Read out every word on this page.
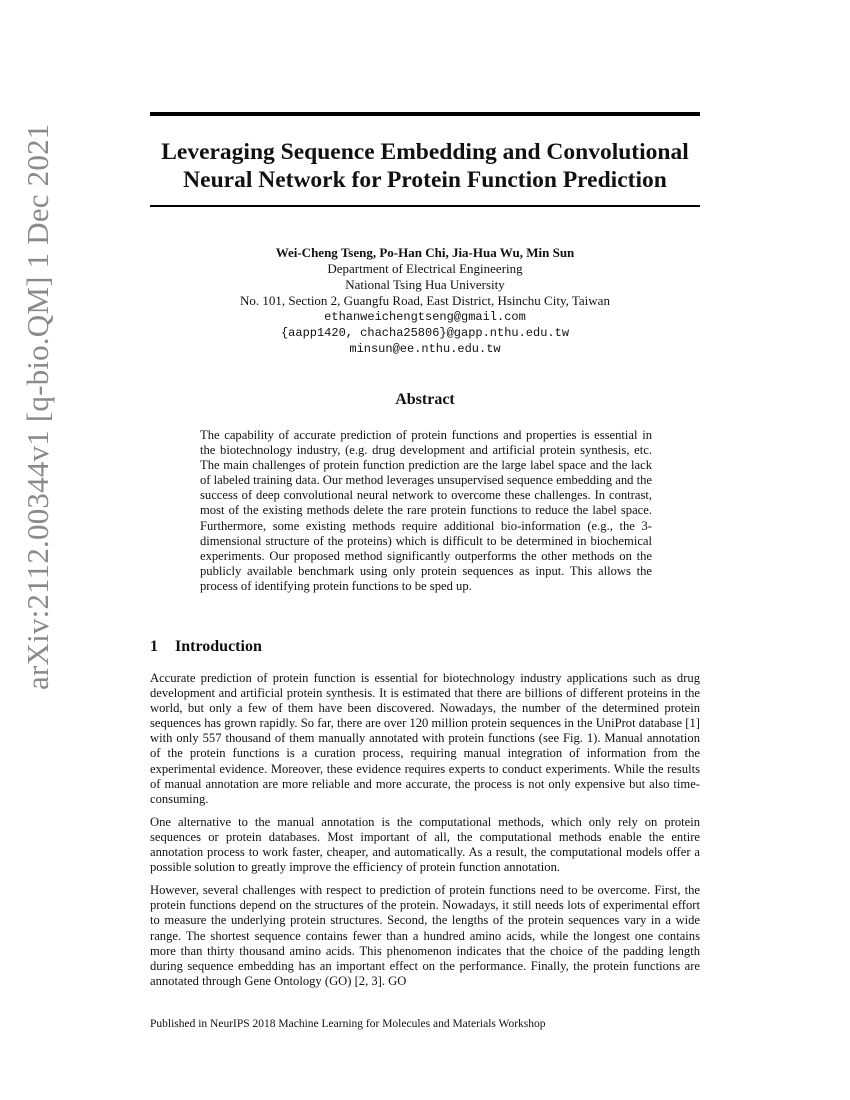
arXiv:2112.00344v1 [q-bio.QM] 1 Dec 2021	Leveraging Sequence Embedding and Convolutional
Neural Network for Protein Function Prediction
Wei-Cheng Tseng, Po-Han Chi, Jia-Hua Wu, Min Sun
Department of Electrical Engineering
National Tsing Hua University
No. 101, Section 2, Guangfu Road, East District, Hsinchu City, Taiwan
ethanweichengtseng@gmail.com
{aapp1420, chacha25806}@gapp.nthu.edu.tw
minsun@ee.nthu.edu.tw
Abstract
The capability of accurate prediction of protein functions and properties is essential in the biotechnology industry, (e.g. drug development and artificial protein synthesis, etc. The main challenges of protein function prediction are the large label space and the lack of labeled training data. Our method leverages unsupervised sequence embedding and the success of deep convolutional neural network to overcome these challenges. In contrast, most of the existing methods delete the rare protein functions to reduce the label space. Furthermore, some existing methods require additional bio-information (e.g., the 3-dimensional structure of the proteins) which is difficult to be determined in biochemical experiments. Our proposed method significantly outperforms the other methods on the publicly available benchmark using only protein sequences as input. This allows the process of identifying protein functions to be sped up.
1 Introduction

Accurate prediction of protein function is essential for biotechnology industry applications such as drug development and artificial protein synthesis. It is estimated that there are billions of different proteins in the world, but only a few of them have been discovered. Nowadays, the number of the determined protein sequences has grown rapidly. So far, there are over 120 million protein sequences in the UniProt database [1] with only 557 thousand of them manually annotated with protein functions (see Fig. 1). Manual annotation of the protein functions is a curation process, requiring manual integration of information from the experimental evidence. Moreover, these evidence requires experts to conduct experiments. While the results of manual annotation are more reliable and more accurate, the process is not only expensive but also time-consuming.

One alternative to the manual annotation is the computational methods, which only rely on protein sequences or protein databases. Most important of all, the computational methods enable the entire annotation process to work faster, cheaper, and automatically. As a result, the computational models offer a possible solution to greatly improve the efficiency of protein function annotation.

However, several challenges with respect to prediction of protein functions need to be overcome. First, the protein functions depend on the structures of the protein. Nowadays, it still needs lots of experimental effort to measure the underlying protein structures. Second, the lengths of the protein sequences vary in a wide range. The shortest sequence contains fewer than a hundred amino acids, while the longest one contains more than thirty thousand amino acids. This phenomenon indicates that the choice of the padding length during sequence embedding has an important effect on the performance. Finally, the protein functions are annotated through Gene Ontology (GO) [2, 3]. GO

Published in NeurIPS 2018 Machine Learning for Molecules and Materials Workshop
